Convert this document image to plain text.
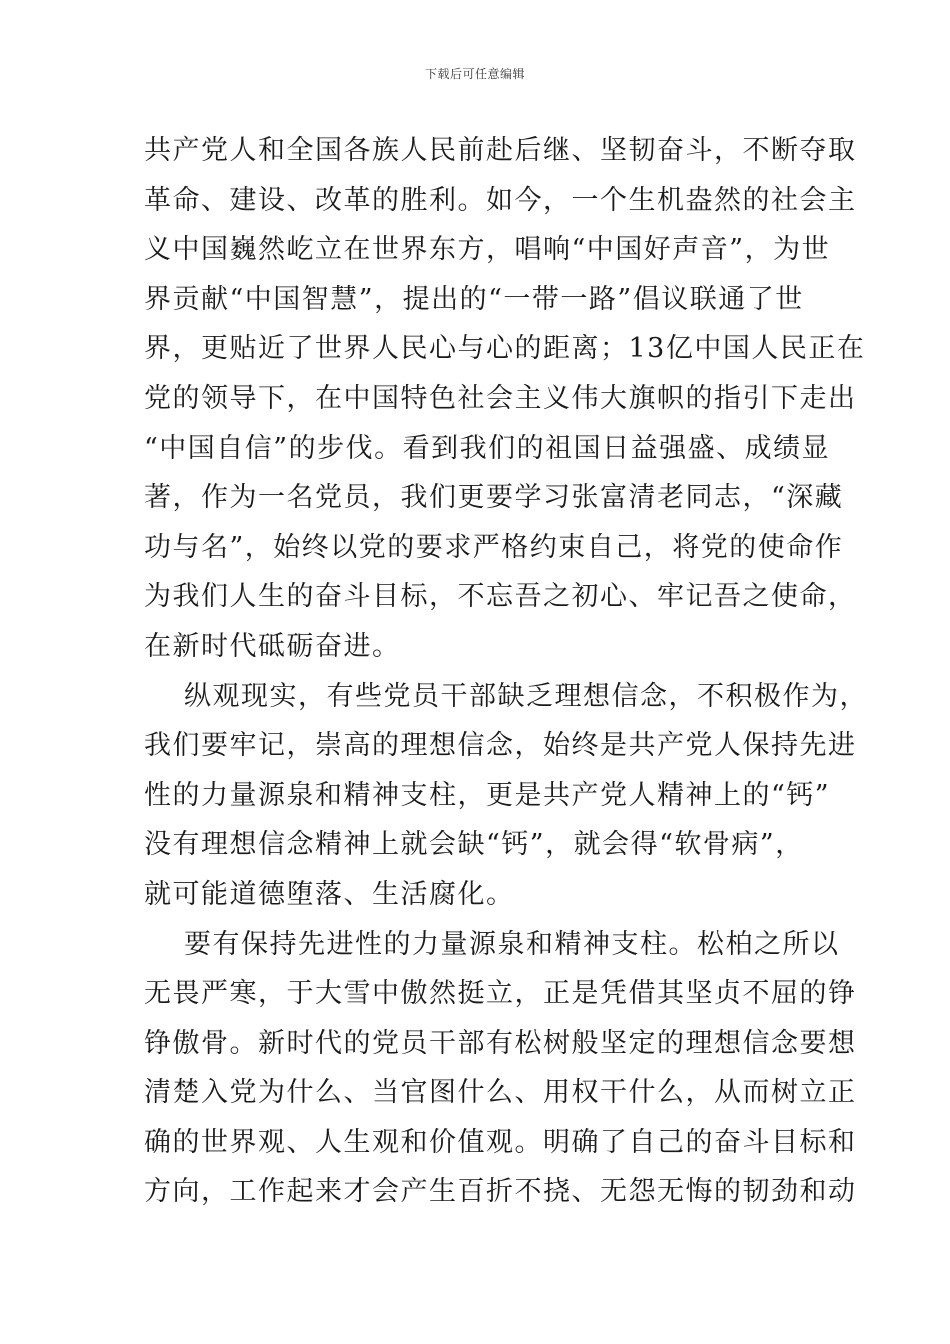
下载后可任意编辑

共产党人和全国各族人民前赴后继、坚韧奋斗，不断夺取
革命、建设、改革的胜利。如今，一个生机盎然的社会主
义中国巍然屹立在世界东方，唱响“中国好声音”，为世
界贡献“中国智慧”，提出的“一带一路”倡议联通了世
界，更贴近了世界人民心与心的距离；13亿中国人民正在
党的领导下，在中国特色社会主义伟大旗帜的指引下走出
“中国自信”的步伐。看到我们的祖国日益强盛、成绩显
著，作为一名党员，我们更要学习张富清老同志，“深藏
功与名”，始终以党的要求严格约束自己，将党的使命作
为我们人生的奋斗目标，不忘吾之初心、牢记吾之使命，
在新时代砥砺奋进。

纵观现实，有些党员干部缺乏理想信念，不积极作为，
我们要牢记，崇高的理想信念，始终是共产党人保持先进
性的力量源泉和精神支柱，更是共产党人精神上的“钙”
没有理想信念精神上就会缺“钙”，就会得“软骨病”，
就可能道德堕落、生活腐化。

要有保持先进性的力量源泉和精神支柱。松柏之所以
无畏严寒，于大雪中傲然挺立，正是凭借其坚贞不屈的铮
铮傲骨。新时代的党员干部有松树般坚定的理想信念要想
清楚入党为什么、当官图什么、用权干什么，从而树立正
确的世界观、人生观和价值观。明确了自己的奋斗目标和
方向，工作起来才会产生百折不挠、无怨无悔的韧劲和动
